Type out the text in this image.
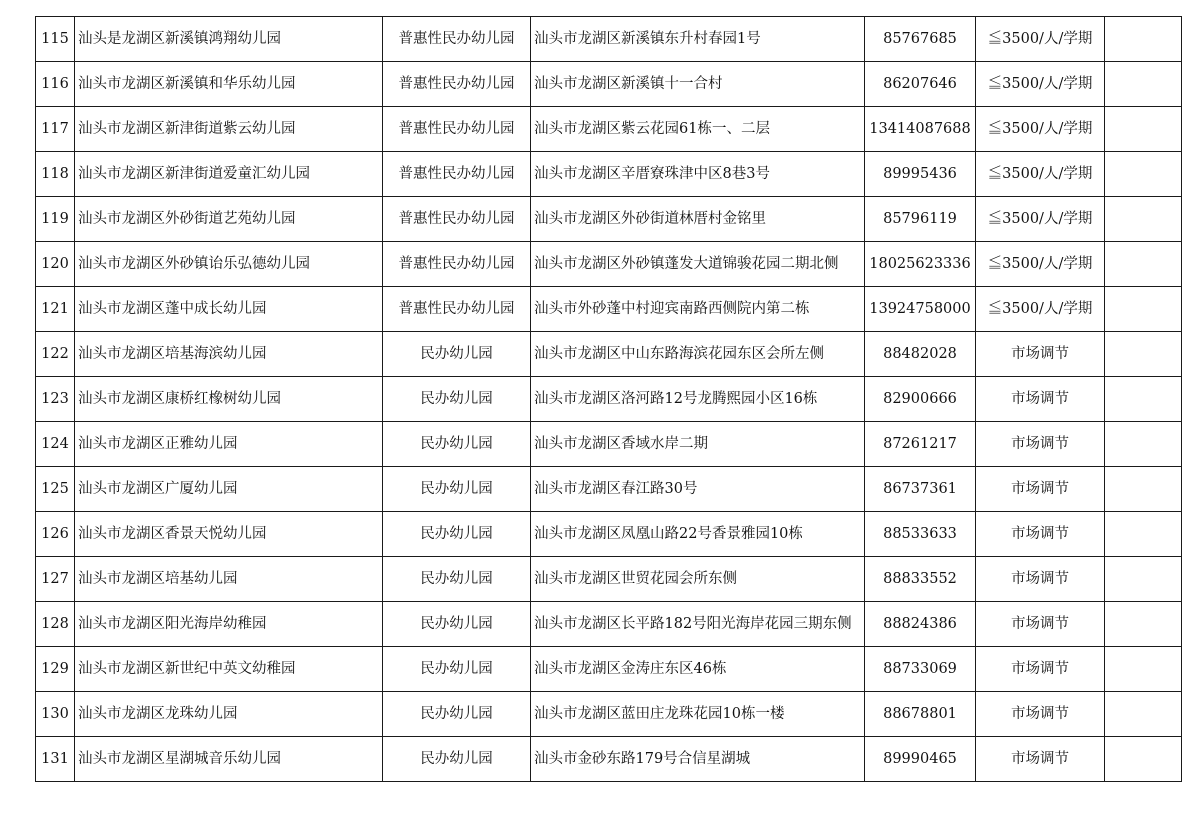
115	汕头是龙湖区新溪镇鸿翔幼儿园	普惠性民办幼儿园	汕头市龙湖区新溪镇东升村春园1号	85767685	≦3500/人/学期	
116	汕头市龙湖区新溪镇和华乐幼儿园	普惠性民办幼儿园	汕头市龙湖区新溪镇十一合村	86207646	≦3500/人/学期	
117	汕头市龙湖区新津街道紫云幼儿园	普惠性民办幼儿园	汕头市龙湖区紫云花园61栋一、二层	13414087688	≦3500/人/学期	
118	汕头市龙湖区新津街道爱童汇幼儿园	普惠性民办幼儿园	汕头市龙湖区辛厝寮珠津中区8巷3号	89995436	≦3500/人/学期	
119	汕头市龙湖区外砂街道艺苑幼儿园	普惠性民办幼儿园	汕头市龙湖区外砂街道林厝村金铭里	85796119	≦3500/人/学期	
120	汕头市龙湖区外砂镇诒乐弘德幼儿园	普惠性民办幼儿园	汕头市龙湖区外砂镇蓬发大道锦骏花园二期北侧	18025623336	≦3500/人/学期	
121	汕头市龙湖区蓬中成长幼儿园	普惠性民办幼儿园	汕头市外砂蓬中村迎宾南路西侧院内第二栋	13924758000	≦3500/人/学期	
122	汕头市龙湖区培基海滨幼儿园	民办幼儿园	汕头市龙湖区中山东路海滨花园东区会所左侧	88482028	市场调节	
123	汕头市龙湖区康桥红橡树幼儿园	民办幼儿园	汕头市龙湖区洛河路12号龙腾熙园小区16栋	82900666	市场调节	
124	汕头市龙湖区正雅幼儿园	民办幼儿园	汕头市龙湖区香域水岸二期	87261217	市场调节	
125	汕头市龙湖区广厦幼儿园	民办幼儿园	汕头市龙湖区春江路30号	86737361	市场调节	
126	汕头市龙湖区香景天悦幼儿园	民办幼儿园	汕头市龙湖区凤凰山路22号香景雅园10栋	88533633	市场调节	
127	汕头市龙湖区培基幼儿园	民办幼儿园	汕头市龙湖区世贸花园会所东侧	88833552	市场调节	
128	汕头市龙湖区阳光海岸幼稚园	民办幼儿园	汕头市龙湖区长平路182号阳光海岸花园三期东侧	88824386	市场调节	
129	汕头市龙湖区新世纪中英文幼稚园	民办幼儿园	汕头市龙湖区金涛庄东区46栋	88733069	市场调节	
130	汕头市龙湖区龙珠幼儿园	民办幼儿园	汕头市龙湖区蓝田庄龙珠花园10栋一楼	88678801	市场调节	
131	汕头市龙湖区星湖城音乐幼儿园	民办幼儿园	汕头市金砂东路179号合信星湖城	89990465	市场调节	
